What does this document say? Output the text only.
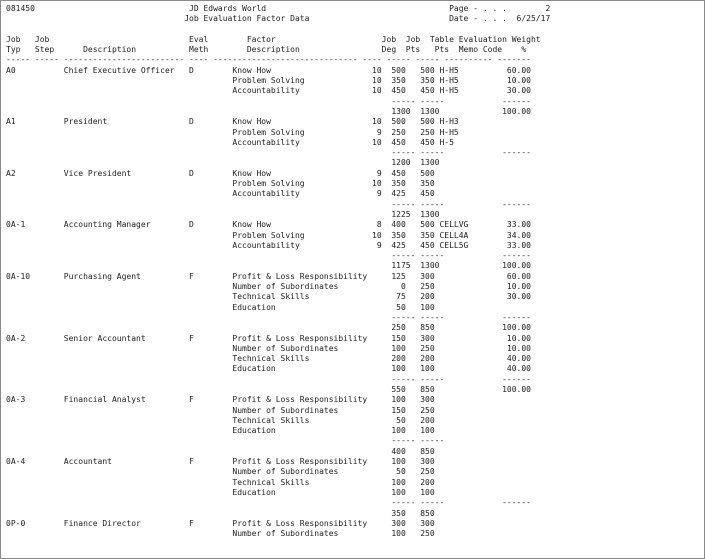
081450                                JD Edwards World                                      Page - . . .        2
Job Evaluation Factor Data                             Date - . . .  6/25/17
Job   Job                             Eval        Factor                      Job  Job  Table Evaluation Weight
Typ   Step      Description           Meth        Description                 Deg  Pts   Pts  Memo Code    %
----- ----- ------------------------- ---- ------------------------------ ---- ----- ----- ---------- -------
A0          Chief Executive Officer   D        Know How                     10  500   500 H-H5          60.00
Problem Solving              10  350   350 H-H5          10.00
Accountability               10  450   450 H-H5          30.00
----- -----            ------
1300  1300             100.00
A1          President                 D        Know How                     10  500   500 H-H3
Problem Solving               9  250   250 H-H5
Accountability               10  450   450 H-5
----- -----            ------
1200  1300
A2          Vice President            D        Know How                      9  450   500
Problem Solving              10  350   350
Accountability                9  425   450
----- -----            ------
1225  1300
0A-1        Accounting Manager        D        Know How                      8  400   500 CELLVG        33.00
Problem Solving              10  350   350 CELL4A        34.00
Accountability                9  425   450 CELL5G        33.00
----- -----            ------
1175  1300             100.00
0A-10       Purchasing Agent          F        Profit & Loss Responsibility     125   300               60.00
Number of Subordinates             0   250               10.00
Technical Skills                  75   200               30.00
Education                         50   100
----- -----            ------
250   850              100.00
0A-2        Senior Accountant         F        Profit & Loss Responsibility     150   300               10.00
Number of Subordinates           100   250               10.00
Technical Skills                 200   200               40.00
Education                        100   100               40.00
----- -----            ------
550   850              100.00
0A-3        Financial Analyst         F        Profit & Loss Responsibility     100   300
Number of Subordinates           150   250
Technical Skills                  50   200
Education                        100   100
----- -----
400   850
0A-4        Accountant                F        Profit & Loss Responsibility     100   300
Number of Subordinates            50   250
Technical Skills                 100   200
Education                        100   100
----- -----            ------
350   850
0P-0        Finance Director          F        Profit & Loss Responsibility     300   300
Number of Subordinates           100   250
